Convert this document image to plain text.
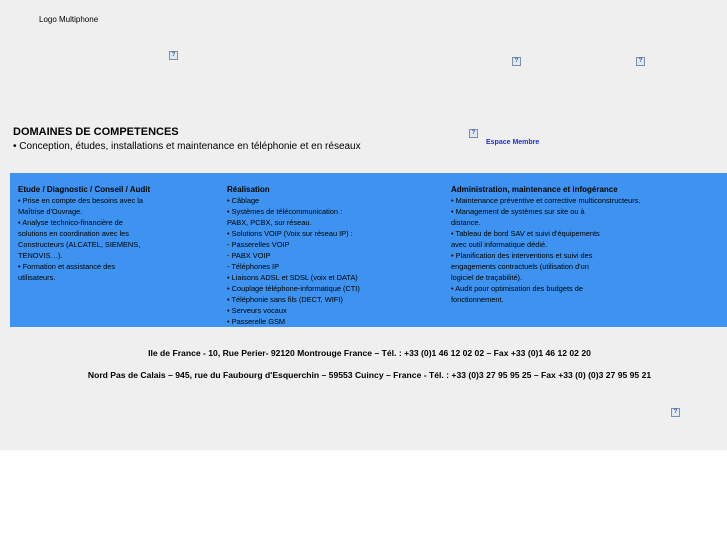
Logo Multiphone
?
?	?
DOMAINES DE COMPETENCES
• Conception, études, installations et maintenance en téléphonie et en réseaux
?
Espace Membre
Etude / Diagnostic / Conseil / Audit
• Prise en compte des besoins avec la
Maîtrise d'Ouvrage.
• Analyse technico-financière de
solutions en coordination avec les
Constructeurs (ALCATEL, SIEMENS,
TENOVIS…).
• Formation et assistance des
utilisateurs.
Réalisation
• Câblage
• Systèmes de télécommunication :
PABX, PCBX, sur réseau.
• Solutions VOIP (Voix sur réseau IP) :
- Passerelles VOIP
- PABX VOIP
- Téléphones IP
• Liaisons ADSL et SDSL (voix et DATA)
• Couplage téléphone-informatique (CTI)
• Téléphonie sans fils (DECT, WIFI)
• Serveurs vocaux
• Passerelle GSM
Administration, maintenance et infogérance
• Maintenance préventive et corrective multiconstructeurs.
• Management de systèmes sur site ou à
distance.
• Tableau de bord SAV et suivi d'équipements
avec outil informatique dédié.
• Planification des interventions et suivi des
engagements contractuels (utilisation d'un
logiciel de traçabilité).
• Audit pour optimisation des budgets de
fonctionnement.
Ile de France - 10, Rue Perier- 92120 Montrouge France – Tél. : +33 (0)1 46 12 02 02 – Fax +33 (0)1 46 12 02 20
Nord Pas de Calais – 945, rue du Faubourg d'Esquerchin – 59553 Cuincy – France - Tél. : +33 (0)3 27 95 95 25 – Fax +33 (0) (0)3 27 95 95 21
?
